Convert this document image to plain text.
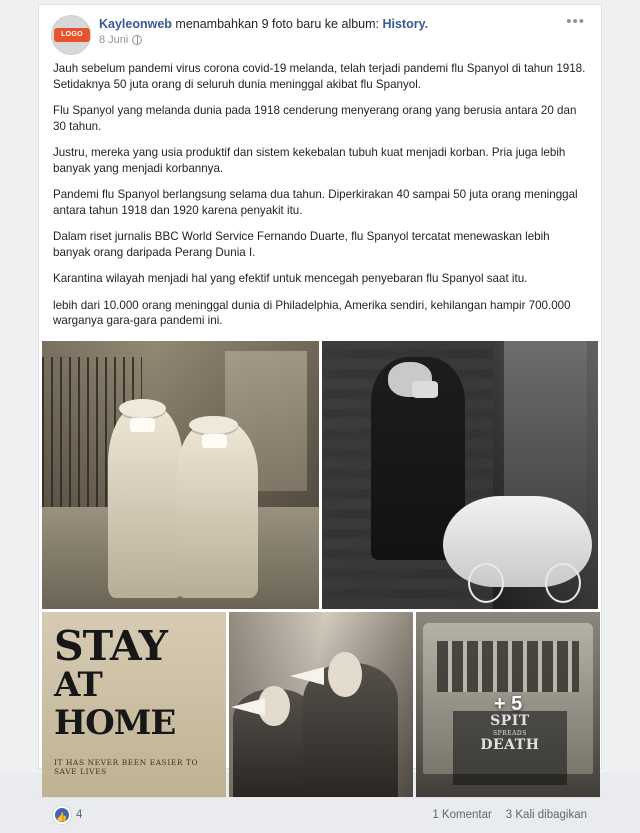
LOGO
Kayleonweb menambahkan 9 foto baru ke album: History.
8 Juni
•••

Jauh sebelum pandemi virus corona covid-19 melanda, telah terjadi pandemi flu Spanyol di tahun 1918. Setidaknya 50 juta orang di seluruh dunia meninggal akibat flu Spanyol.

Flu Spanyol yang melanda dunia pada 1918 cenderung menyerang orang yang berusia antara 20 dan 30 tahun.

Justru, mereka yang usia produktif dan sistem kekebalan tubuh kuat menjadi korban. Pria juga lebih banyak yang menjadi korbannya.

Pandemi flu Spanyol berlangsung selama dua tahun. Diperkirakan 40 sampai 50 juta orang meninggal antara tahun 1918 dan 1920 karena penyakit itu.

Dalam riset jurnalis BBC World Service Fernando Duarte, flu Spanyol tercatat menewaskan lebih banyak orang daripada Perang Dunia I.

Karantina wilayah menjadi hal yang efektif untuk mencegah penyebaran flu Spanyol saat itu.

lebih dari 10.000 orang meninggal dunia di Philadelphia, Amerika sendiri, kehilangan hampir 700.000 warganya gara-gara pandemi ini.

STAY
AT HOME
IT HAS NEVER BEEN EASIER TO SAVE LIVES
SPIT
SPREADS
DEATH
+ 5
👍 4	1 Komentar 3 Kali dibagikan
